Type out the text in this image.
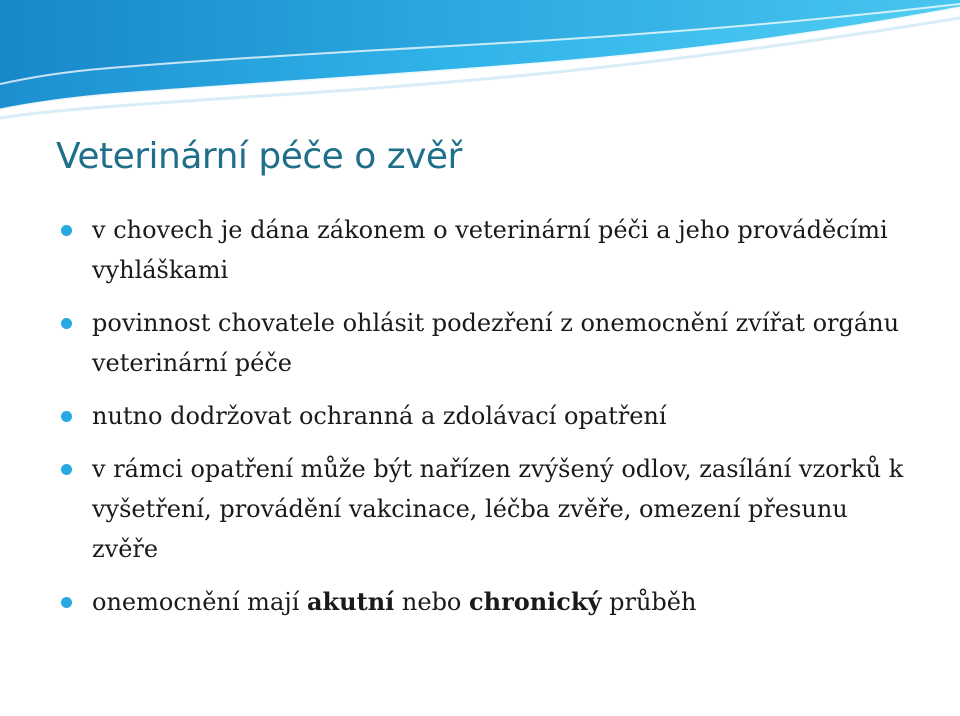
Veterinární péče o zvěř
v chovech je dána zákonem o veterinární péči a jeho prováděcími vyhláškami
povinnost chovatele ohlásit podezření z onemocnění zvířat orgánu veterinární péče
nutno dodržovat ochranná a zdolávací opatření
v rámci opatření může být nařízen zvýšený odlov, zasílání vzorků k vyšetření, provádění vakcinace, léčba zvěře, omezení přesunu zvěře
onemocnění mají akutní nebo chronický průběh
